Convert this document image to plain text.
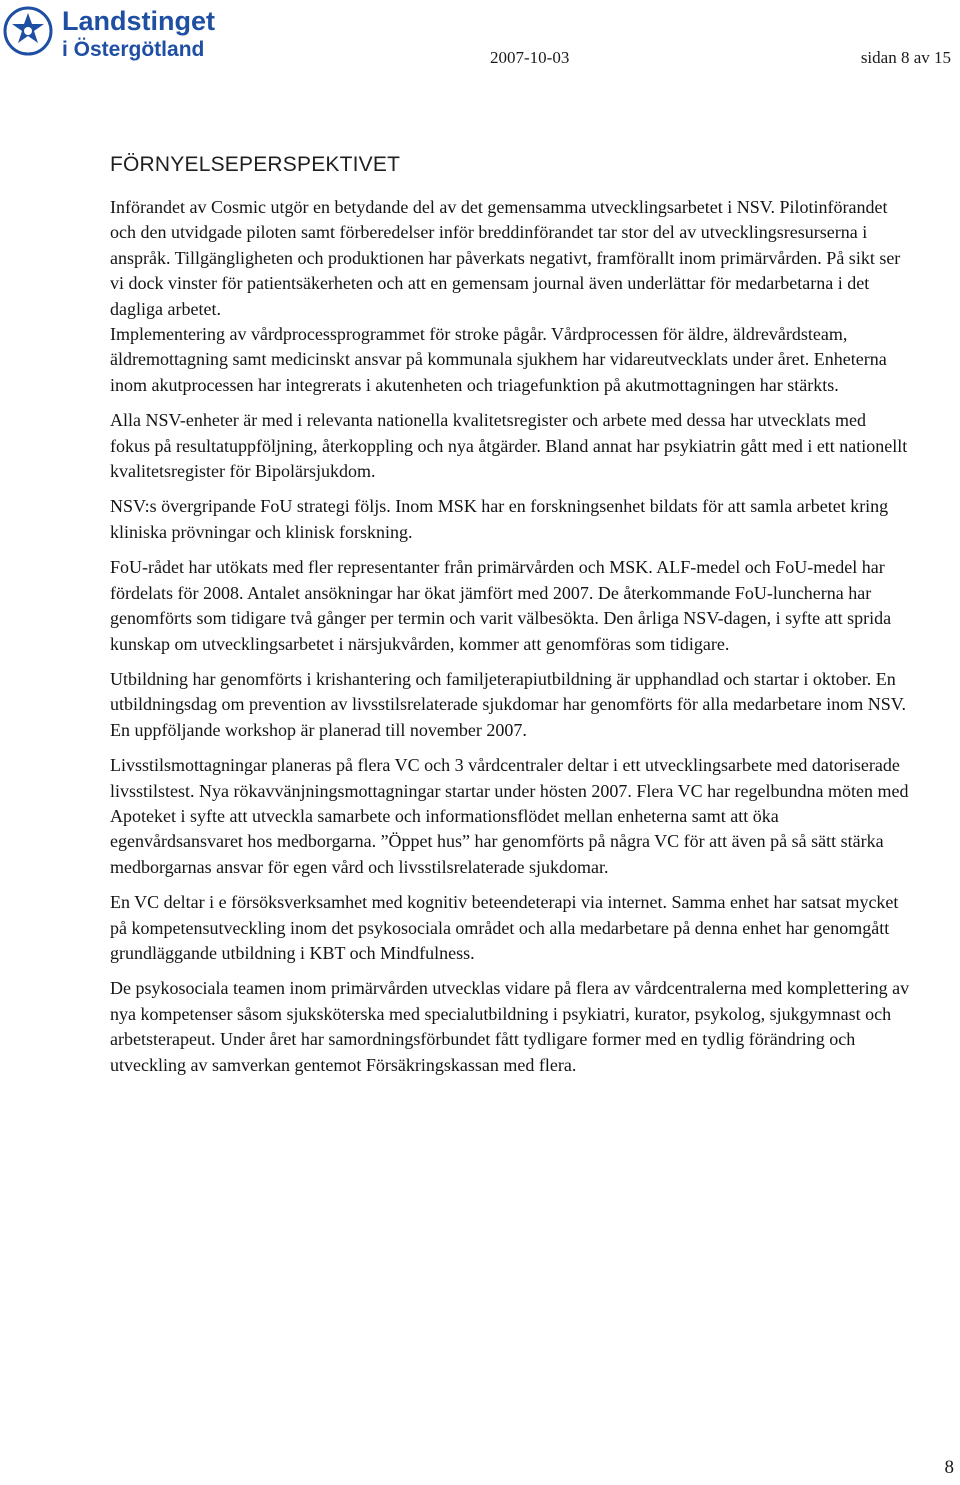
Landstinget
i Östergötland	2007-10-03	sidan 8 av 15
FÖRNYELSEPERSPEKTIVET

Införandet av Cosmic utgör en betydande del av det gemensamma utvecklingsarbetet i NSV. Pilotinförandet och den utvidgade piloten samt förberedelser inför breddinförandet tar stor del av utvecklingsresurserna i anspråk. Tillgängligheten och produktionen har påverkats negativt, framförallt inom primärvården. På sikt ser vi dock vinster för patientsäkerheten och att en gemensam journal även underlättar för medarbetarna i det dagliga arbetet.

Implementering av vårdprocessprogrammet för stroke pågår. Vårdprocessen för äldre, äldrevårdsteam, äldremottagning samt medicinskt ansvar på kommunala sjukhem har vidareutvecklats under året. Enheterna inom akutprocessen har integrerats i akutenheten och triagefunktion på akutmottagningen har stärkts.

Alla NSV-enheter är med i relevanta nationella kvalitetsregister och arbete med dessa har utvecklats med fokus på resultatuppföljning, återkoppling och nya åtgärder. Bland annat har psykiatrin gått med i ett nationellt kvalitetsregister för Bipolärsjukdom.

NSV:s övergripande FoU strategi följs. Inom MSK har en forskningsenhet bildats för att samla arbetet kring kliniska prövningar och klinisk forskning.

FoU-rådet har utökats med fler representanter från primärvården och MSK. ALF-medel och FoU-medel har fördelats för 2008. Antalet ansökningar har ökat jämfört med 2007. De återkommande FoU-luncherna har genomförts som tidigare två gånger per termin och varit välbesökta. Den årliga NSV-dagen, i syfte att sprida kunskap om utvecklingsarbetet i närsjukvården, kommer att genomföras som tidigare.

Utbildning har genomförts i krishantering och familjeterapiutbildning är upphandlad och startar i oktober. En utbildningsdag om prevention av livsstilsrelaterade sjukdomar har genomförts för alla medarbetare inom NSV. En uppföljande workshop är planerad till november 2007.

Livsstilsmottagningar planeras på flera VC och 3 vårdcentraler deltar i ett utvecklingsarbete med datoriserade livsstilstest. Nya rökavvänjningsmottagningar startar under hösten 2007. Flera VC har regelbundna möten med Apoteket i syfte att utveckla samarbete och informationsflödet mellan enheterna samt att öka egenvårdsansvaret hos medborgarna. ”Öppet hus” har genomförts på några VC för att även på så sätt stärka medborgarnas ansvar för egen vård och livsstilsrelaterade sjukdomar.

En VC deltar i e försöksverksamhet med kognitiv beteendeterapi via internet. Samma enhet har satsat mycket på kompetensutveckling inom det psykosociala området och alla medarbetare på denna enhet har genomgått grundläggande utbildning i KBT och Mindfulness.

De psykosociala teamen inom primärvården utvecklas vidare på flera av vårdcentralerna med komplettering av nya kompetenser såsom sjuksköterska med specialutbildning i psykiatri, kurator, psykolog, sjukgymnast och arbetsterapeut. Under året har samordningsförbundet fått tydligare former med en tydlig förändring och utveckling av samverkan gentemot Försäkringskassan med flera.

8
